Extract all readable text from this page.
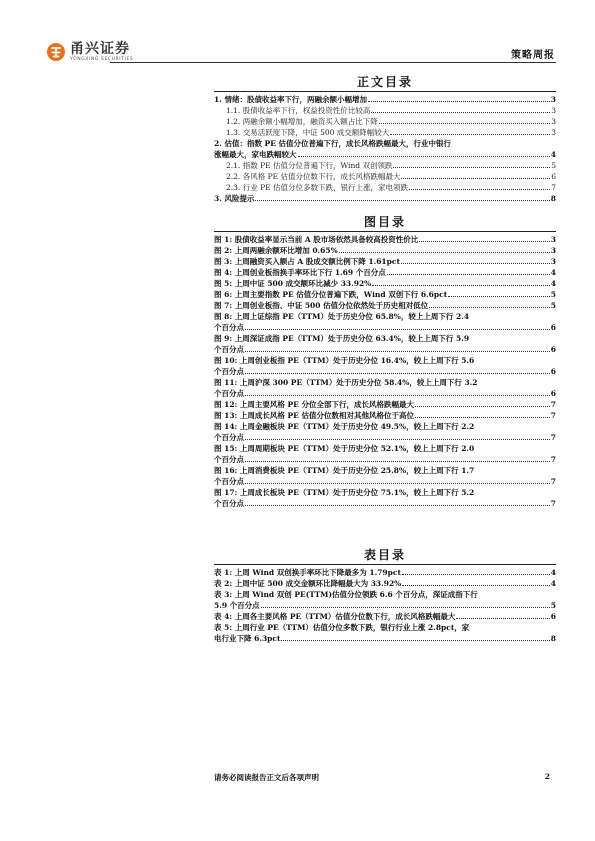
甬兴证券
YONGXING SECURITIES	策略周报
正文目录
1. 情绪：股债收益率下行，两融余额小幅增加	3
1.1. 股债收益率下行，权益投资性价比较高	3
1.2. 两融余额小幅增加，融资买入额占比下降	3
1.3. 交易活跃度下降，中证 500 成交额降幅较大	3
2. 估值：指数 PE 估值分位普遍下行，成长风格跌幅最大，行业中银行
涨幅最大，家电跌幅较大	4
2.1. 指数 PE 估值分位普遍下行，Wind 双创领跌	5
2.2. 各风格 PE 估值分位数下行，成长风格跌幅最大	6
2.3. 行业 PE 估值分位多数下跌，银行上涨，家电领跌	7
3. 风险提示	8
图目录
图 1: 股债收益率显示当前 A 股市场依然具备较高投资性价比	3
图 2: 上周两融余额环比增加 0.65%	3
图 3: 上周融资买入额占 A 股成交额比例下降 1.61pct	3
图 4: 上周创业板指换手率环比下行 1.69 个百分点	4
图 5: 上周中证 500 成交额环比减少 33.92%	4
图 6: 上周主要指数 PE 估值分位普遍下跌，Wind 双创下行 6.6pct	5
图 7: 上周创业板指、中证 500 估值分位依然处于历史相对低位	5
图 8: 上周上证综指 PE（TTM）处于历史分位 65.8%，较上上周下行 2.4
个百分点	6
图 9: 上周深证成指 PE（TTM）处于历史分位 63.4%，较上上周下行 5.9
个百分点	6
图 10: 上周创业板指 PE（TTM）处于历史分位 16.4%，较上上周下行 5.6
个百分点	6
图 11: 上周沪深 300 PE（TTM）处于历史分位 58.4%，较上上周下行 3.2
个百分点	6
图 12: 上周主要风格 PE 分位全部下行，成长风格跌幅最大	7
图 13: 上周成长风格 PE 估值分位数相对其他风格位于高位	7
图 14: 上周金融板块 PE（TTM）处于历史分位 49.5%，较上上周下行 2.2
个百分点	7
图 15: 上周周期板块 PE（TTM）处于历史分位 52.1%，较上上周下行 2.0
个百分点	7
图 16: 上周消费板块 PE（TTM）处于历史分位 25.8%，较上上周下行 1.7
个百分点	7
图 17: 上周成长板块 PE（TTM）处于历史分位 75.1%，较上上周下行 5.2
个百分点	7
表目录
表 1: 上周 Wind 双创换手率环比下降最多为 1.79pct	4
表 2: 上周中证 500 成交金额环比降幅最大为 33.92%	4
表 3: 上周 Wind 双创 PE(TTM)估值分位领跌 6.6 个百分点，深证成指下行
5.9 个百分点	5
表 4: 上周各主要风格 PE（TTM）估值分位数下行，成长风格跌幅最大	6
表 5: 上周行业 PE（TTM）估值分位多数下跌，银行行业上涨 2.8pct，家
电行业下降 6.3pct	8
请务必阅读报告正文后各项声明	2
